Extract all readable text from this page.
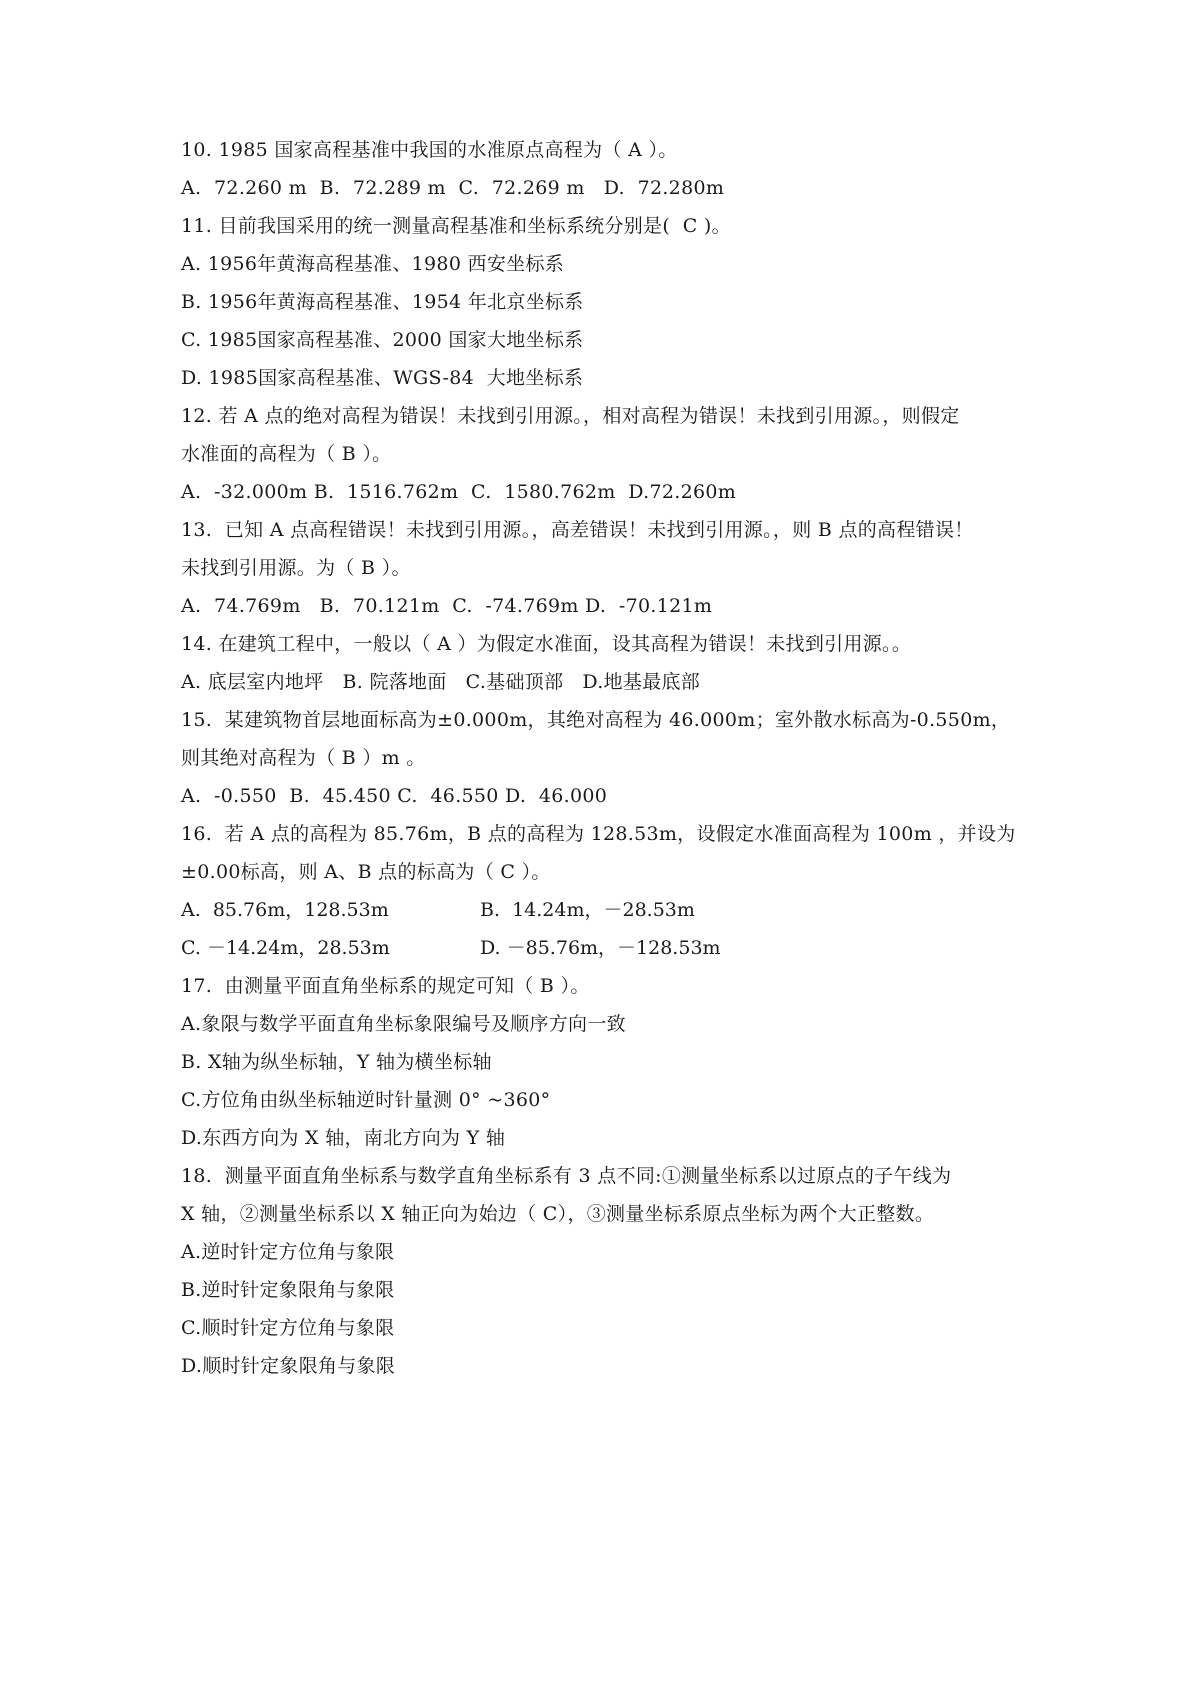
10. 1985 国家高程基准中我国的水准原点高程为（ A ）。
A.  72.260 m  B.  72.289 m  C.  72.269 m   D.  72.280m
11. 目前我国采用的统一测量高程基准和坐标系统分别是(  C )。
A. 1956年黄海高程基准、1980 西安坐标系
B. 1956年黄海高程基准、1954 年北京坐标系
C. 1985国家高程基准、2000 国家大地坐标系
D. 1985国家高程基准、WGS-84  大地坐标系
12. 若 A 点的绝对高程为错误！未找到引用源。，相对高程为错误！未找到引用源。，则假定
水准面的高程为（ B ）。
A.  -32.000m B.  1516.762m  C.  1580.762m  D.72.260m
13.  已知 A 点高程错误！未找到引用源。，高差错误！未找到引用源。，则 B 点的高程错误！
未找到引用源。为（ B ）。
A.  74.769m   B.  70.121m  C.  -74.769m D.  -70.121m
14. 在建筑工程中，一般以（ A ）为假定水准面，设其高程为错误！未找到引用源。。
A. 底层室内地坪   B. 院落地面   C.基础顶部   D.地基最底部
15.  某建筑物首层地面标高为±0.000m，其绝对高程为 46.000m；室外散水标高为-0.550m，
则其绝对高程为（ B ）m 。
A.  -0.550  B.  45.450 C.  46.550 D.  46.000
16.  若 A 点的高程为 85.76m，B 点的高程为 128.53m，设假定水准面高程为 100m ，并设为
±0.00标高，则 A、B 点的标高为（ C ）。
A.  85.76m，128.53m	B.  14.24m，－28.53m
C. －14.24m，28.53m	D. －85.76m，－128.53m
17.  由测量平面直角坐标系的规定可知（ B ）。
A.象限与数学平面直角坐标象限编号及顺序方向一致
B. X轴为纵坐标轴，Y 轴为横坐标轴
C.方位角由纵坐标轴逆时针量测 0° ~360°
D.东西方向为 X 轴，南北方向为 Y 轴
18.  测量平面直角坐标系与数学直角坐标系有 3 点不同:①测量坐标系以过原点的子午线为
X 轴，②测量坐标系以 X 轴正向为始边（ C），③测量坐标系原点坐标为两个大正整数。
A.逆时针定方位角与象限
B.逆时针定象限角与象限
C.顺时针定方位角与象限
D.顺时针定象限角与象限
